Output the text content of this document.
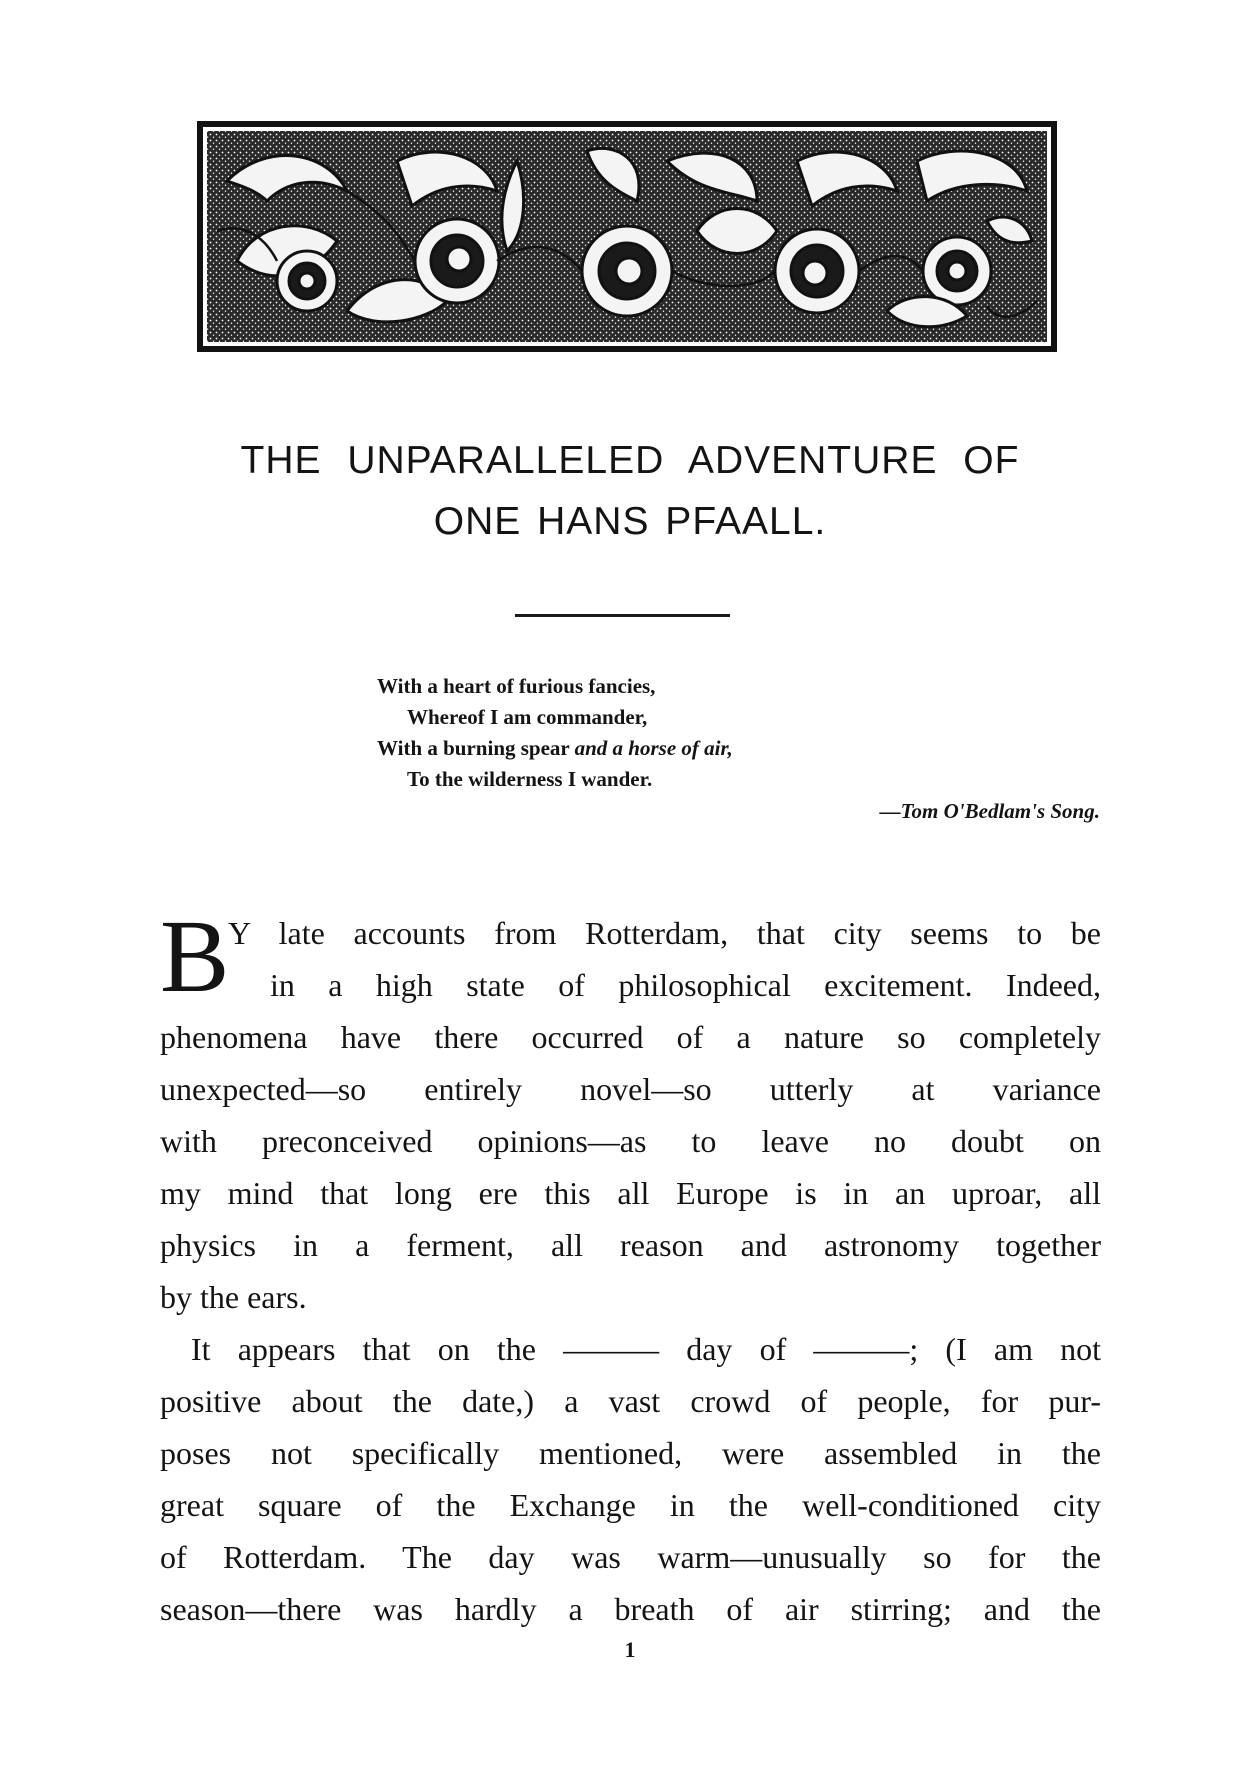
THE UNPARALLELED ADVENTURE OF
ONE HANS PFAALL.
With a heart of furious fancies,
Whereof I am commander,
With a burning spear and a horse of air,
To the wilderness I wander.
—Tom O'Bedlam's Song.

B
Y late accounts from Rotterdam, that city seems to be
in a high state of philosophical excitement. Indeed,
phenomena have there occurred of a nature so completely
unexpected—so entirely novel—so utterly at variance
with preconceived opinions—as to leave no doubt on
my mind that long ere this all Europe is in an uproar, all
physics in a ferment, all reason and astronomy together
by the ears.

It appears that on the ——— day of ———; (I am not
positive about the date,) a vast crowd of people, for pur-
poses not specifically mentioned, were assembled in the
great square of the Exchange in the well-conditioned city
of Rotterdam. The day was warm—unusually so for the
season—there was hardly a breath of air stirring; and the

1
